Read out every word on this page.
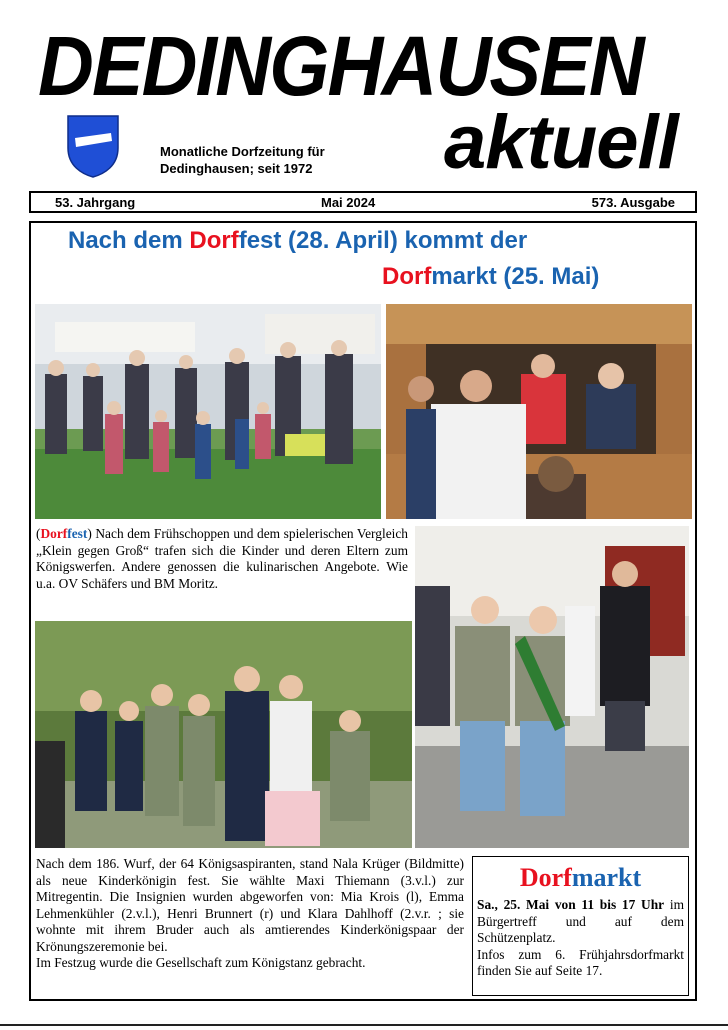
DEDINGHAUSEN
aktuell
Monatliche Dorfzeitung für
Dedinghausen; seit 1972
53. Jahrgang	Mai 2024	573. Ausgabe
Nach dem Dorffest (28. April) kommt der
Dorfmarkt (25. Mai)
(Dorffest) Nach dem Frühschoppen und dem spielerischen Vergleich „Klein gegen Groß“ trafen sich die Kinder und deren Eltern zum Königswerfen. Andere genossen die kulinarischen Angebote. Wie u.a. OV Schäfers und BM Moritz.
Nach dem 186. Wurf, der 64 Königsaspiranten, stand Nala Krüger (Bildmitte) als neue Kinderkönigin fest. Sie wählte Maxi Thiemann (3.v.l.) zur Mitregentin. Die Insignien wurden abgeworfen von: Mia Krois (l), Emma Lehmenkühler (2.v.l.), Henri Brunnert (r) und Klara Dahlhoff (2.v.r. ; sie wohnte mit ihrem Bruder auch als amtierendes Kinderkönigspaar der Krönungszeremonie bei.
Im Festzug wurde die Gesellschaft zum Königstanz gebracht.
Dorfmarkt
Sa., 25. Mai von 11 bis 17 Uhr im Bürgertreff und auf dem Schützenplatz.
Infos zum 6. Frühjahrsdorfmarkt finden Sie auf Seite 17.
